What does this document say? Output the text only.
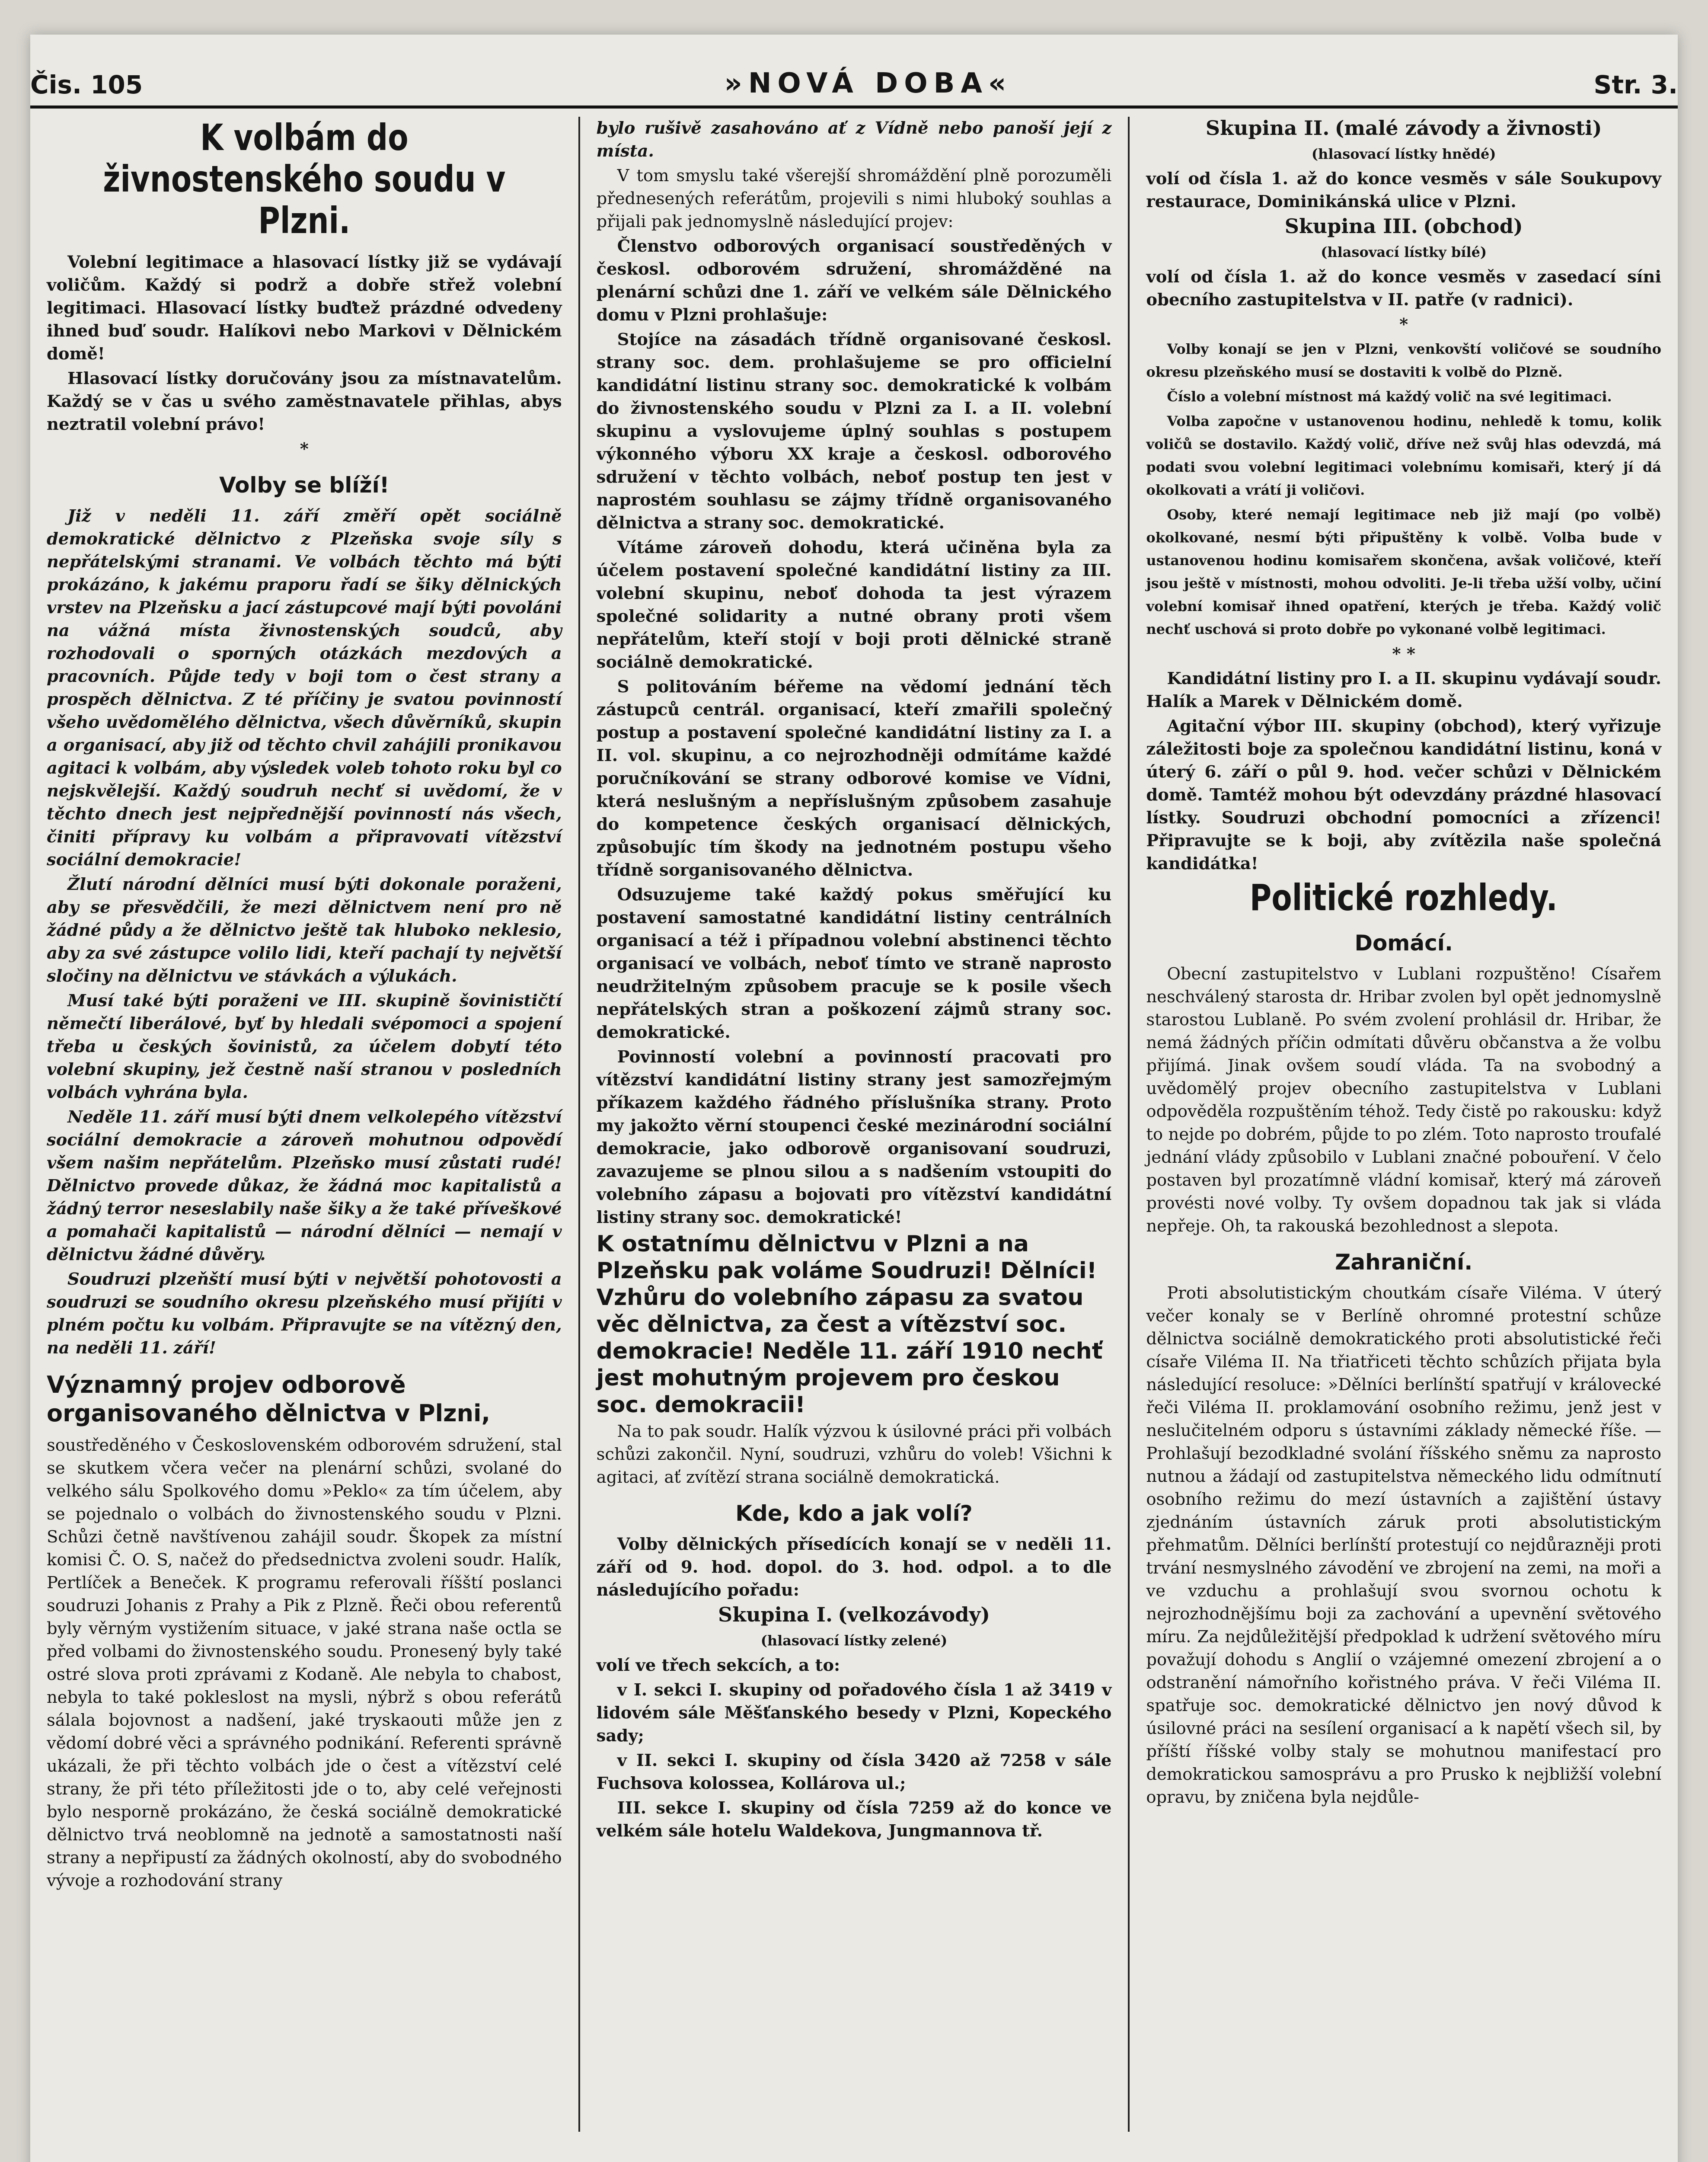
Čis. 105	»NOVÁ DOBA«	Str. 3.
K volbám do živnostenského soudu v Plzni.

Volební legitimace a hlasovací lístky již se vydávají voličům. Každý si podrž a dobře střež volební legitimaci. Hlasovací lístky buďtež prázdné odvedeny ihned buď soudr. Halíkovi nebo Markovi v Dělnickém domě!

Hlasovací lístky doručovány jsou za místnavatelům. Každý se v čas u svého zaměstnavatele přihlas, abys neztratil volební právo!

*

Volby se blíží!

Již v neděli 11. září změří opět sociálně demokratické dělnictvo z Plzeňska svoje síly s nepřátelskými stranami. Ve volbách těchto má býti prokázáno, k jakému praporu řadí se šiky dělnických vrstev na Plzeňsku a jací zástupcové mají býti povoláni na vážná místa živnostenských soudců, aby rozhodovali o sporných otázkách mezdových a pracovních. Půjde tedy v boji tom o čest strany a prospěch dělnictva. Z té příčiny je svatou povinností všeho uvědomělého dělnictva, všech důvěrníků, skupin a organisací, aby již od těchto chvil zahájili pronikavou agitaci k volbám, aby výsledek voleb tohoto roku byl co nejskvělejší. Každý soudruh nechť si uvědomí, že v těchto dnech jest nejpřednější povinností nás všech, činiti přípravy ku volbám a připravovati vítězství sociální demokracie!

Žlutí národní dělníci musí býti dokonale poraženi, aby se přesvědčili, že mezi dělnictvem není pro ně žádné půdy a že dělnictvo ještě tak hluboko neklesio, aby za své zástupce volilo lidi, kteří pachají ty největší sločiny na dělnictvu ve stávkách a výlukách.

Musí také býti poraženi ve III. skupině šovinističtí němečtí liberálové, byť by hledali svépomoci a spojení třeba u českých šovinistů, za účelem dobytí této volební skupiny, jež čestně naší stranou v posledních volbách vyhrána byla.

Neděle 11. září musí býti dnem velkolepého vítězství sociální demokracie a zároveň mohutnou odpovědí všem našim nepřátelům. Plzeňsko musí zůstati rudé! Dělnictvo provede důkaz, že žádná moc kapitalistů a žádný terror neseslabily naše šiky a že také příveškové a pomahači kapitalistů — národní dělníci — nemají v dělnictvu žádné důvěry.

Soudruzi plzeňští musí býti v největší pohotovosti a soudruzi se soudního okresu plzeňského musí přijíti v plném počtu ku volbám. Připravujte se na vítězný den, na neděli 11. září!

Významný projev odborově organisovaného dělnictva v Plzni,

soustředěného v Československém odborovém sdružení, stal se skutkem včera večer na plenární schůzi, svolané do velkého sálu Spolkového domu »Peklo« za tím účelem, aby se pojednalo o volbách do živnostenského soudu v Plzni. Schůzi četně navštívenou zahájil soudr. Škopek za místní komisi Č. O. S, načež do předsednictva zvoleni soudr. Halík, Pertlíček a Beneček. K programu referovali říšští poslanci soudruzi Johanis z Prahy a Pik z Plzně. Řeči obou referentů byly věrným vystižením situace, v jaké strana naše octla se před volbami do živnostenského soudu. Pronesený byly také ostré slova proti zprávami z Kodaně. Ale nebyla to chabost, nebyla to také pokleslost na mysli, nýbrž s obou referátů sálala bojovnost a nadšení, jaké tryskaouti může jen z vědomí dobré věci a správného podnikání. Referenti správně ukázali, že při těchto volbách jde o čest a vítězství celé strany, že při této příležitosti jde o to, aby celé veřejnosti bylo nesporně prokázáno, že česká sociálně demokratické dělnictvo trvá neoblomně na jednotě a samostatnosti naší strany a nepřipustí za žádných okolností, aby do svobodného vývoje a rozhodování strany

bylo rušivě zasahováno ať z Vídně nebo panoší její z místa.

V tom smyslu také všerejší shromáždění plně porozuměli přednesených referátům, projevili s nimi hluboký souhlas a přijali pak jednomyslně následující projev:

Členstvo odborových organisací soustředěných v českosl. odborovém sdružení, shromážděné na plenární schůzi dne 1. září ve velkém sále Dělnického domu v Plzni prohlašuje:

Stojíce na zásadách třídně organisované českosl. strany soc. dem. prohlašujeme se pro officielní kandidátní listinu strany soc. demokratické k volbám do živnostenského soudu v Plzni za I. a II. volební skupinu a vyslovujeme úplný souhlas s postupem výkonného výboru XX kraje a českosl. odborového sdružení v těchto volbách, neboť postup ten jest v naprostém souhlasu se zájmy třídně organisovaného dělnictva a strany soc. demokratické.

Vítáme zároveň dohodu, která učiněna byla za účelem postavení společné kandidátní listiny za III. volební skupinu, neboť dohoda ta jest výrazem společné solidarity a nutné obrany proti všem nepřátelům, kteří stojí v boji proti dělnické straně sociálně demokratické.

S politováním béřeme na vědomí jednání těch zástupců centrál. organisací, kteří zmařili společný postup a postavení společné kandidátní listiny za I. a II. vol. skupinu, a co nejrozhodněji odmítáme každé poručníkování se strany odborové komise ve Vídni, která neslušným a nepříslušným způsobem zasahuje do kompetence českých organisací dělnických, způsobujíc tím škody na jednotném postupu všeho třídně sorganisovaného dělnictva.

Odsuzujeme také každý pokus směřující ku postavení samostatné kandidátní listiny centrálních organisací a též i případnou volební abstinenci těchto organisací ve volbách, neboť tímto ve straně naprosto neudržitelným způsobem pracuje se k posile všech nepřátelských stran a poškození zájmů strany soc. demokratické.

Povinností volební a povinností pracovati pro vítězství kandidátní listiny strany jest samozřejmým příkazem každého řádného příslušníka strany. Proto my jakožto věrní stoupenci české mezinárodní sociální demokracie, jako odborově organisovaní soudruzi, zavazujeme se plnou silou a s nadšením vstoupiti do volebního zápasu a bojovati pro vítězství kandidátní listiny strany soc. demokratické!

K ostatnímu dělnictvu v Plzni a na Plzeňsku pak voláme Soudruzi! Dělníci! Vzhůru do volebního zápasu za svatou věc dělnictva, za čest a vítězství soc. demokracie! Neděle 11. září 1910 nechť jest mohutným projevem pro českou soc. demokracii!

Na to pak soudr. Halík výzvou k úsilovné práci při volbách schůzi zakončil. Nyní, soudruzi, vzhůru do voleb! Všichni k agitaci, ať zvítězí strana sociálně demokratická.

Kde, kdo a jak volí?

Volby dělnických přísedících konají se v neděli 11. září od 9. hod. dopol. do 3. hod. odpol. a to dle následujícího pořadu:

Skupina I. (velkozávody)

(hlasovací lístky zelené)

volí ve třech sekcích, a to:

v I. sekci I. skupiny od pořadového čísla 1 až 3419 v lidovém sále Měšťanského besedy v Plzni, Kopeckého sady;

v II. sekci I. skupiny od čísla 3420 až 7258 v sále Fuchsova kolossea, Kollárova ul.;

III. sekce I. skupiny od čísla 7259 až do konce ve velkém sále hotelu Waldekova, Jungmannova tř.

Skupina II. (malé závody a živnosti)

(hlasovací lístky hnědé)

volí od čísla 1. až do konce vesměs v sále Soukupovy restaurace, Dominikánská ulice v Plzni.

Skupina III. (obchod)

(hlasovací lístky bílé)

volí od čísla 1. až do konce vesměs v zasedací síni obecního zastupitelstva v II. patře (v radnici).

*

Volby konají se jen v Plzni, venkovští voličové se soudního okresu plzeňského musí se dostaviti k volbě do Plzně.

Číslo a volební místnost má každý volič na své legitimaci.

Volba započne v ustanovenou hodinu, nehledě k tomu, kolik voličů se dostavilo. Každý volič, dříve než svůj hlas odevzdá, má podati svou volební legitimaci volebnímu komisaři, který jí dá okolkovati a vrátí ji voličovi.

Osoby, které nemají legitimace neb již mají (po volbě) okolkované, nesmí býti připuštěny k volbě. Volba bude v ustanovenou hodinu komisařem skončena, avšak voličové, kteří jsou ještě v místnosti, mohou odvoliti. Je-li třeba užší volby, učiní volební komisař ihned opatření, kterých je třeba. Každý volič nechť uschová si proto dobře po vykonané volbě legitimaci.

* *

Kandidátní listiny pro I. a II. skupinu vydávají soudr. Halík a Marek v Dělnickém domě.

Agitační výbor III. skupiny (obchod), který vyřizuje záležitosti boje za společnou kandidátní listinu, koná v úterý 6. září o půl 9. hod. večer schůzi v Dělnickém domě. Tamtéž mohou být odevzdány prázdné hlasovací lístky. Soudruzi obchodní pomocníci a zřízenci! Připravujte se k boji, aby zvítězila naše společná kandidátka!

Politické rozhledy.
Domácí.

Obecní zastupitelstvo v Lublani rozpuštěno! Císařem neschválený starosta dr. Hribar zvolen byl opět jednomyslně starostou Lublaně. Po svém zvolení prohlásil dr. Hribar, že nemá žádných příčin odmítati důvěru občanstva a že volbu přijímá. Jinak ovšem soudí vláda. Ta na svobodný a uvědomělý projev obecního zastupitelstva v Lublani odpověděla rozpuštěním téhož. Tedy čistě po rakousku: když to nejde po dobrém, půjde to po zlém. Toto naprosto troufalé jednání vlády způsobilo v Lublani značné pobouření. V čelo postaven byl prozatímně vládní komisař, který má zároveň provésti nové volby. Ty ovšem dopadnou tak jak si vláda nepřeje. Oh, ta rakouská bezohlednost a slepota.

Zahraniční.

Proti absolutistickým choutkám císaře Viléma. V úterý večer konaly se v Berlíně ohromné protestní schůze dělnictva sociálně demokratického proti absolutistické řeči císaře Viléma II. Na třiatřiceti těchto schůzích přijata byla následující resoluce: »Dělníci berlínští spatřují v královecké řeči Viléma II. proklamování osobního režimu, jenž jest v neslučitelném odporu s ústavními základy německé říše. — Prohlašují bezodkladné svolání říšského sněmu za naprosto nutnou a žádají od zastupitelstva německého lidu odmítnutí osobního režimu do mezí ústavních a zajištění ústavy zjednáním ústavních záruk proti absolutistickým přehmatům. Dělníci berlínští protestují co nejdůrazněji proti trvání nesmyslného závodění ve zbrojení na zemi, na moři a ve vzduchu a prohlašují svou svornou ochotu k nejrozhodnějšímu boji za zachování a upevnění světového míru. Za nejdůležitější předpoklad k udržení světového míru považují dohodu s Anglií o vzájemné omezení zbrojení a o odstranění námořního kořistného práva. V řeči Viléma II. spatřuje soc. demokratické dělnictvo jen nový důvod k úsilovné práci na sesílení organisací a k napětí všech sil, by příští říšské volby staly se mohutnou manifestací pro demokratickou samosprávu a pro Prusko k nejbližší volební opravu, by zničena byla nejdůle-
